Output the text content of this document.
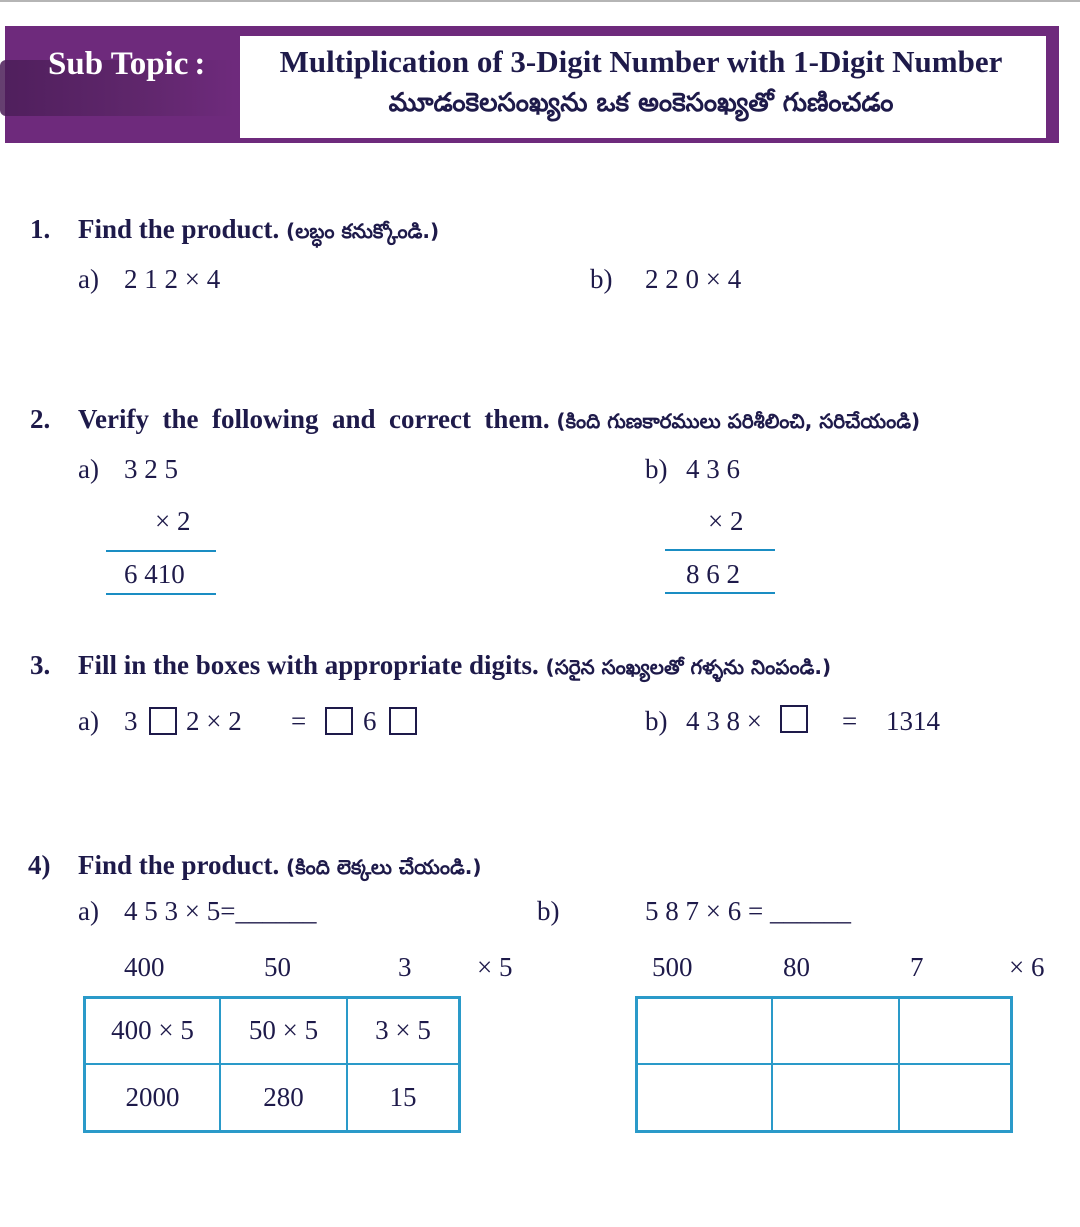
Sub Topic :	Multiplication of 3-Digit Number with 1-Digit Number
మూడంకెలసంఖ్యను ఒక అంకెసంఖ్యతో గుణించడం
1. Find the product. (లబ్ధం కనుక్కోండి.)
a) 2 1 2 × 4	b) 2 2 0 × 4
2. Verify  the  following  and  correct  them. (కింది గుణకారములు పరిశీలించి, సరిచేయండి)
a) 3 2 5
× 2
6 410
b) 4 3 6
× 2
8 6 2
3. Fill in the boxes with appropriate digits. (సరైన సంఖ్యలతో గళ్ళను నింపండి.)
a) 3 2 × 2 = 6	b) 4 3 8 ×	= 1314
4) Find the product. (కింది లెక్కలు చేయండి.)
a) 4 5 3 × 5=______	b)	5 8 7 × 6 = ______
400	50	3 × 5	500	80	7	× 6
400 × 5	50 × 5	3 × 5
2000	280	15
